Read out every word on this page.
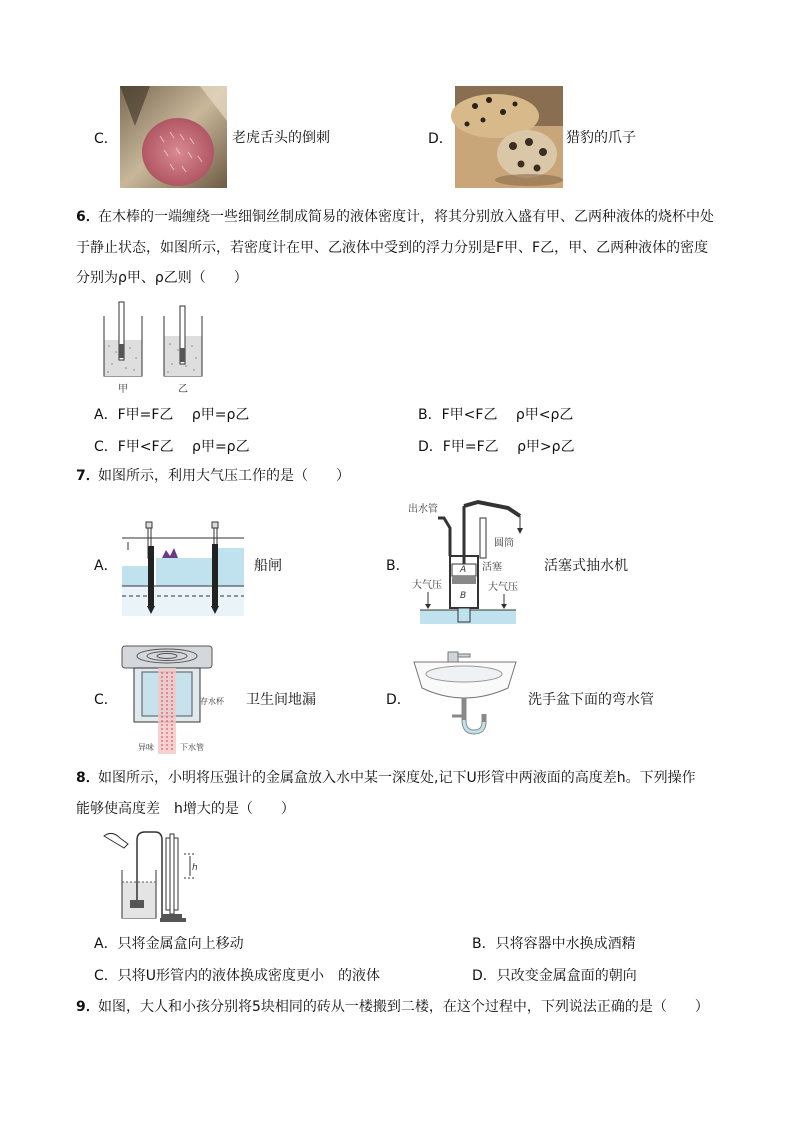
C．	老虎舌头的倒刺	D．	猎豹的爪子
6．
在木棒的一端缠绕一些细铜丝制成简易的液体密度计，将其分别放入盛有甲、乙两种液体的烧杯中处
于静止状态，如图所示，若密度计在甲、乙液体中受到的浮力分别是F甲、F乙，甲、乙两种液体的密度
分别为ρ甲、ρ乙则（　　）
甲	乙
A．F甲=F乙　 ρ甲=ρ乙	B．F甲<F乙　 ρ甲<ρ乙
C．F甲<F乙　 ρ甲=ρ乙	D．F甲=F乙　 ρ甲>ρ乙
7．
如图所示，利用大气压工作的是（　　）
A．	船闸	B．
出水管
圆筒
活塞
大气压	大气压
A
B
活塞式抽水机
C．	存水杯
异味	下水管
卫生间地漏	D．	洗手盆下面的弯水管
8．
如图所示，小明将压强计的金属盒放入水中某一深度处,记下U形管中两液面的高度差h。下列操作
能够使高度差　h增大的是（　　）
h
A．只将金属盒向上移动	B．只将容器中水换成酒精
C．只将U形管内的液体换成密度更小　的液体	D．只改变金属盒面的朝向
9．
如图，大人和小孩分别将5块相同的砖从一楼搬到二楼，在这个过程中，下列说法正确的是（　　）
